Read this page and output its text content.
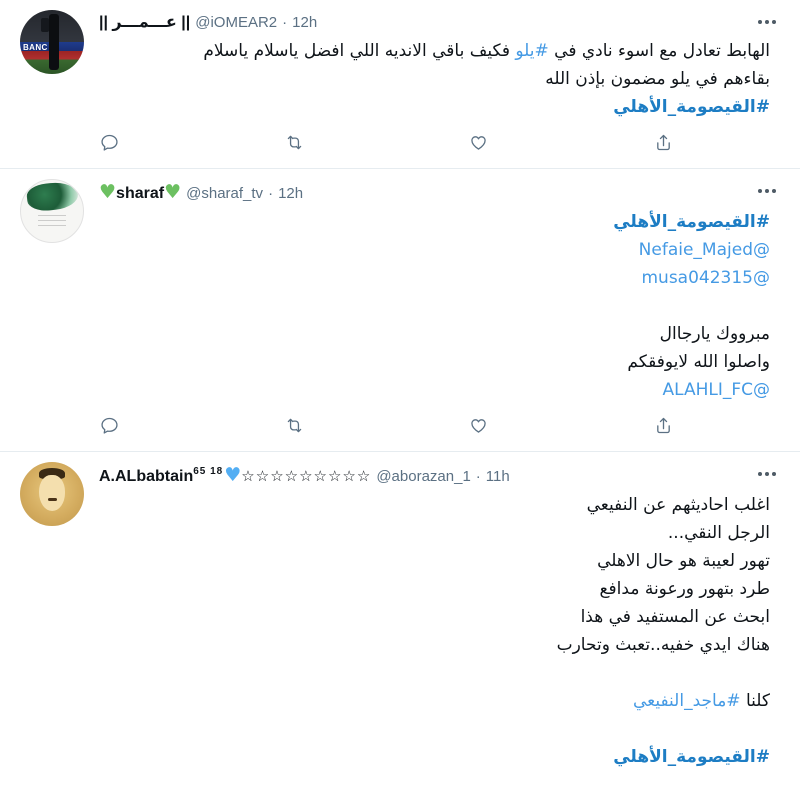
BANC
|| عـــمـــر || @iOMEAR2 · 12h
الهابط تعادل مع اسوء نادي في #يلو فكيف باقي الانديه اللي افضل ياسلام ياسلام
بقاءهم في يلو مضمون بإذن الله
#القيصومة_الأهلي
♥sharaf♥ @sharaf_tv · 12h
#القيصومة_الأهلي
@Nefaie_Majed
@musa042315
مبرووك يارجاال
واصلوا الله لايوفقكم
@ALAHLI_FC
A.ALbabtain$^{65 18}$♥☆☆☆☆☆☆☆☆☆ @aborazan_1 · 11h
اغلب احاديثهم عن النفيعي
الرجل النقي...
تهور لعيبة هو حال الاهلي
طرد بتهور ورعونة مدافع
ابحث عن المستفيد في هذا
هناك ايدي خفيه..تعبث وتحارب
كلنا #ماجد_النفيعي
#القيصومة_الأهلي
